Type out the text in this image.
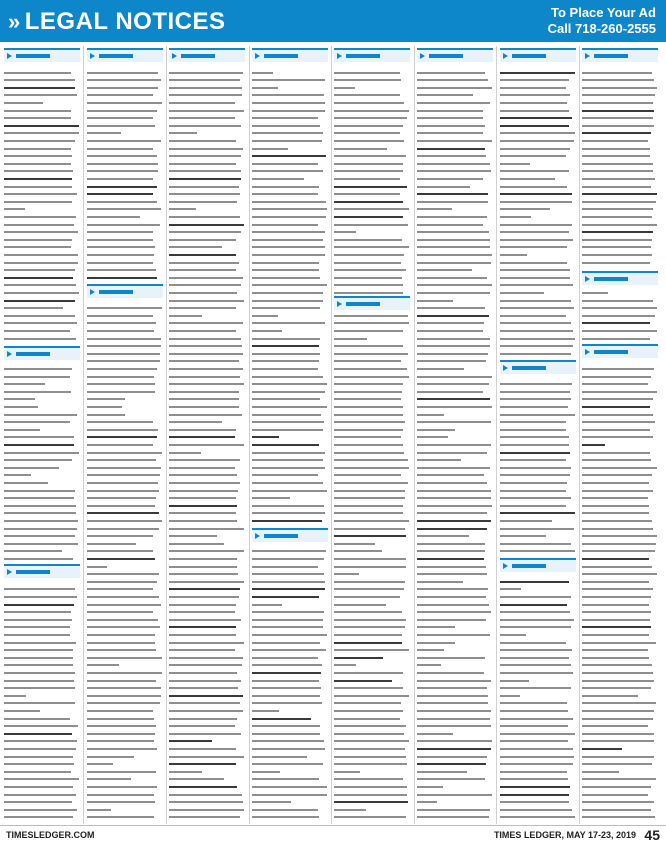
» LEGAL NOTICES	To Place Your Ad
Call 718-260-2555
TIMESLEDGER.COM	TIMES LEDGER, MAY 17-23, 2019 45
